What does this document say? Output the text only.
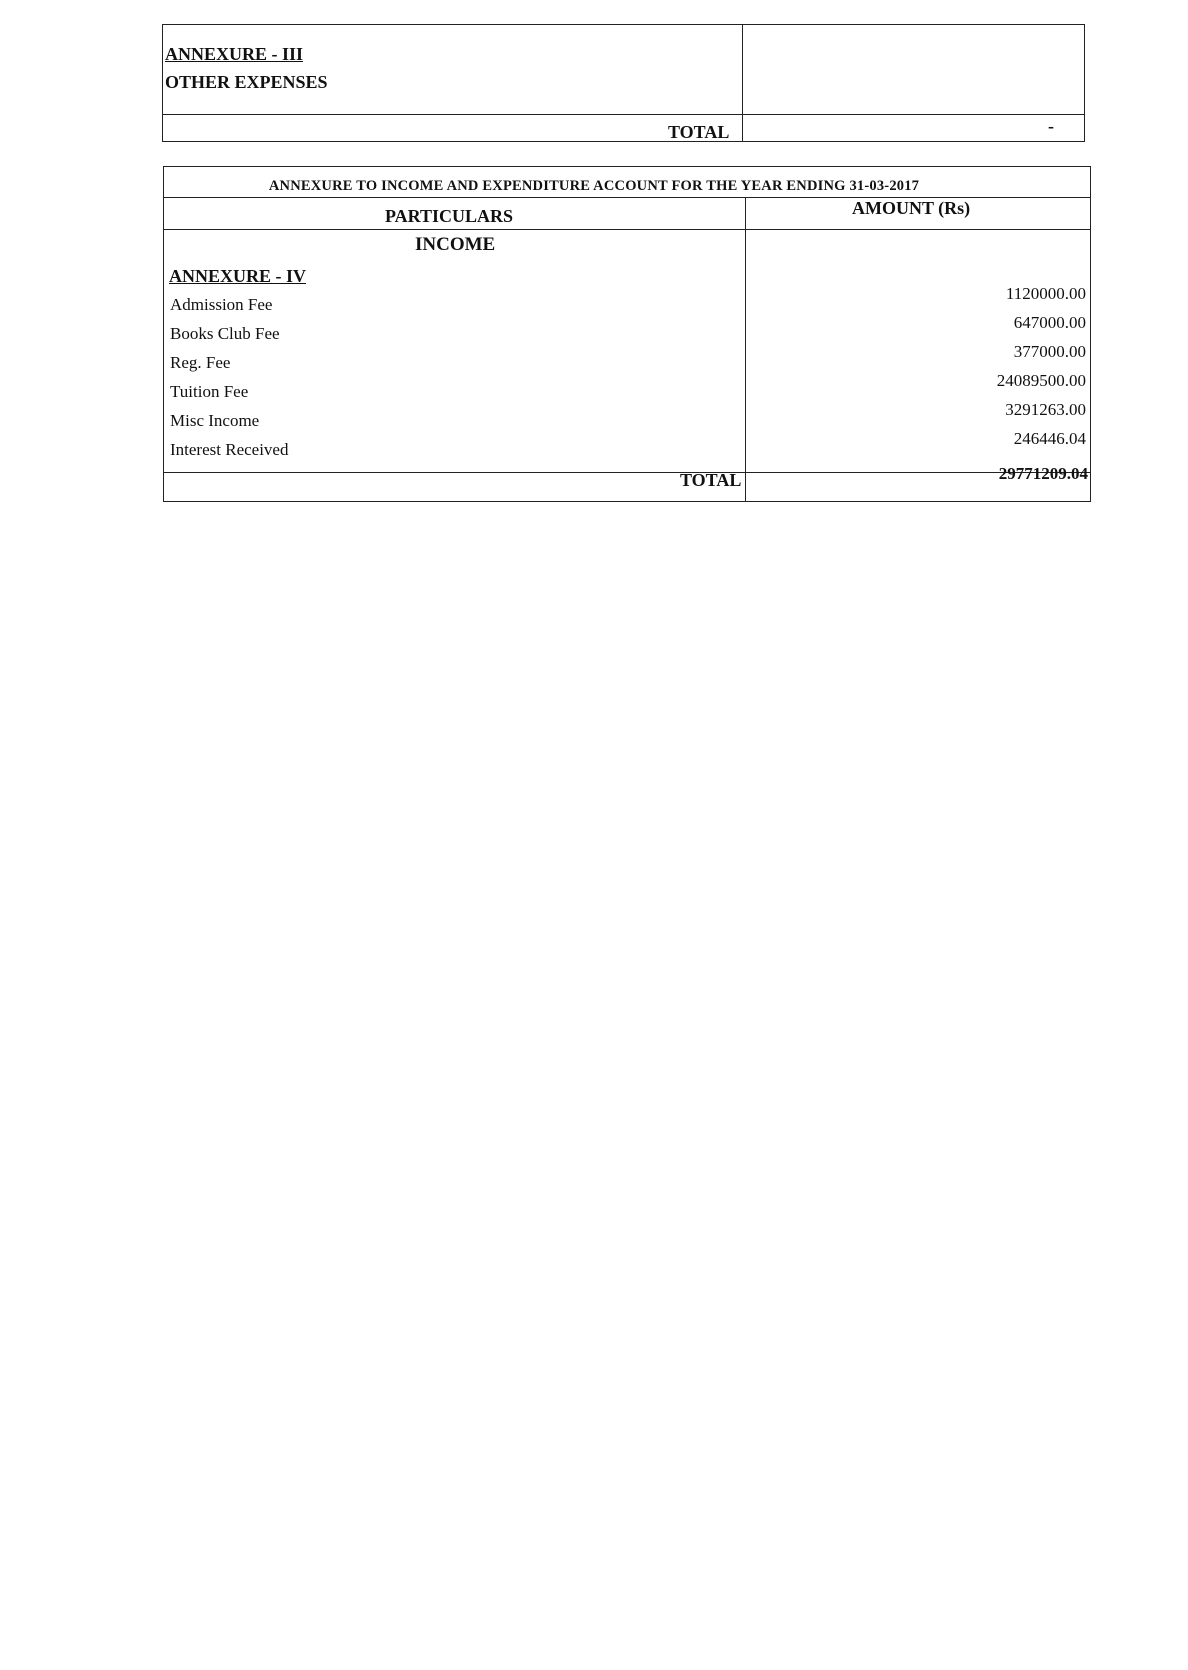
ANNEXURE - III
OTHER EXPENSES
TOTAL	-
ANNEXURE TO INCOME AND EXPENDITURE ACCOUNT FOR THE YEAR ENDING 31-03-2017
PARTICULARS	AMOUNT (Rs)
INCOME
ANNEXURE - IV
Admission Fee
1120000.00
Books Club Fee
647000.00
Reg. Fee
377000.00
Tuition Fee
24089500.00
Misc Income
3291263.00
Interest Received
246446.04
TOTAL	29771209.04
